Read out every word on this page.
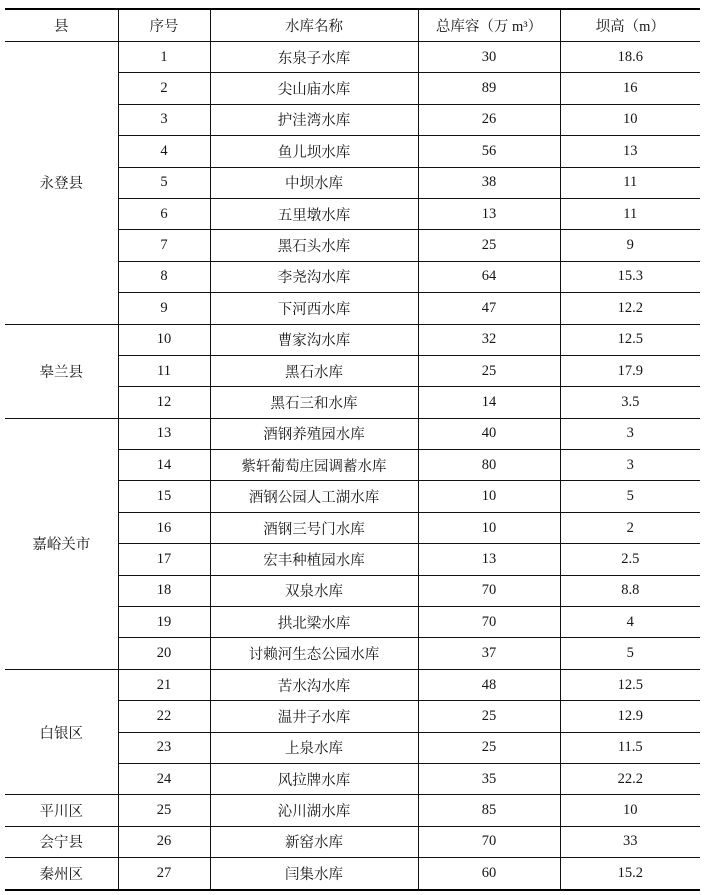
县	序号	水库名称	总库容（万 m³）	坝高（m）
永登县	1	东泉子水库	30	18.6
	2	尖山庙水库	89	16
	3	护洼湾水库	26	10
	4	鱼儿坝水库	56	13
	5	中坝水库	38	11
	6	五里墩水库	13	11
	7	黑石头水库	25	9
	8	李尧沟水库	64	15.3
	9	下河西水库	47	12.2
皋兰县	10	曹家沟水库	32	12.5
	11	黑石水库	25	17.9
	12	黑石三和水库	14	3.5
嘉峪关市	13	酒钢养殖园水库	40	3
	14	紫轩葡萄庄园调蓄水库	80	3
	15	酒钢公园人工湖水库	10	5
	16	酒钢三号门水库	10	2
	17	宏丰种植园水库	13	2.5
	18	双泉水库	70	8.8
	19	拱北梁水库	70	4
	20	讨赖河生态公园水库	37	5
白银区	21	苦水沟水库	48	12.5
	22	温井子水库	25	12.9
	23	上泉水库	25	11.5
	24	风拉牌水库	35	22.2
平川区	25	沁川湖水库	85	10
会宁县	26	新窑水库	70	33
秦州区	27	闫集水库	60	15.2
